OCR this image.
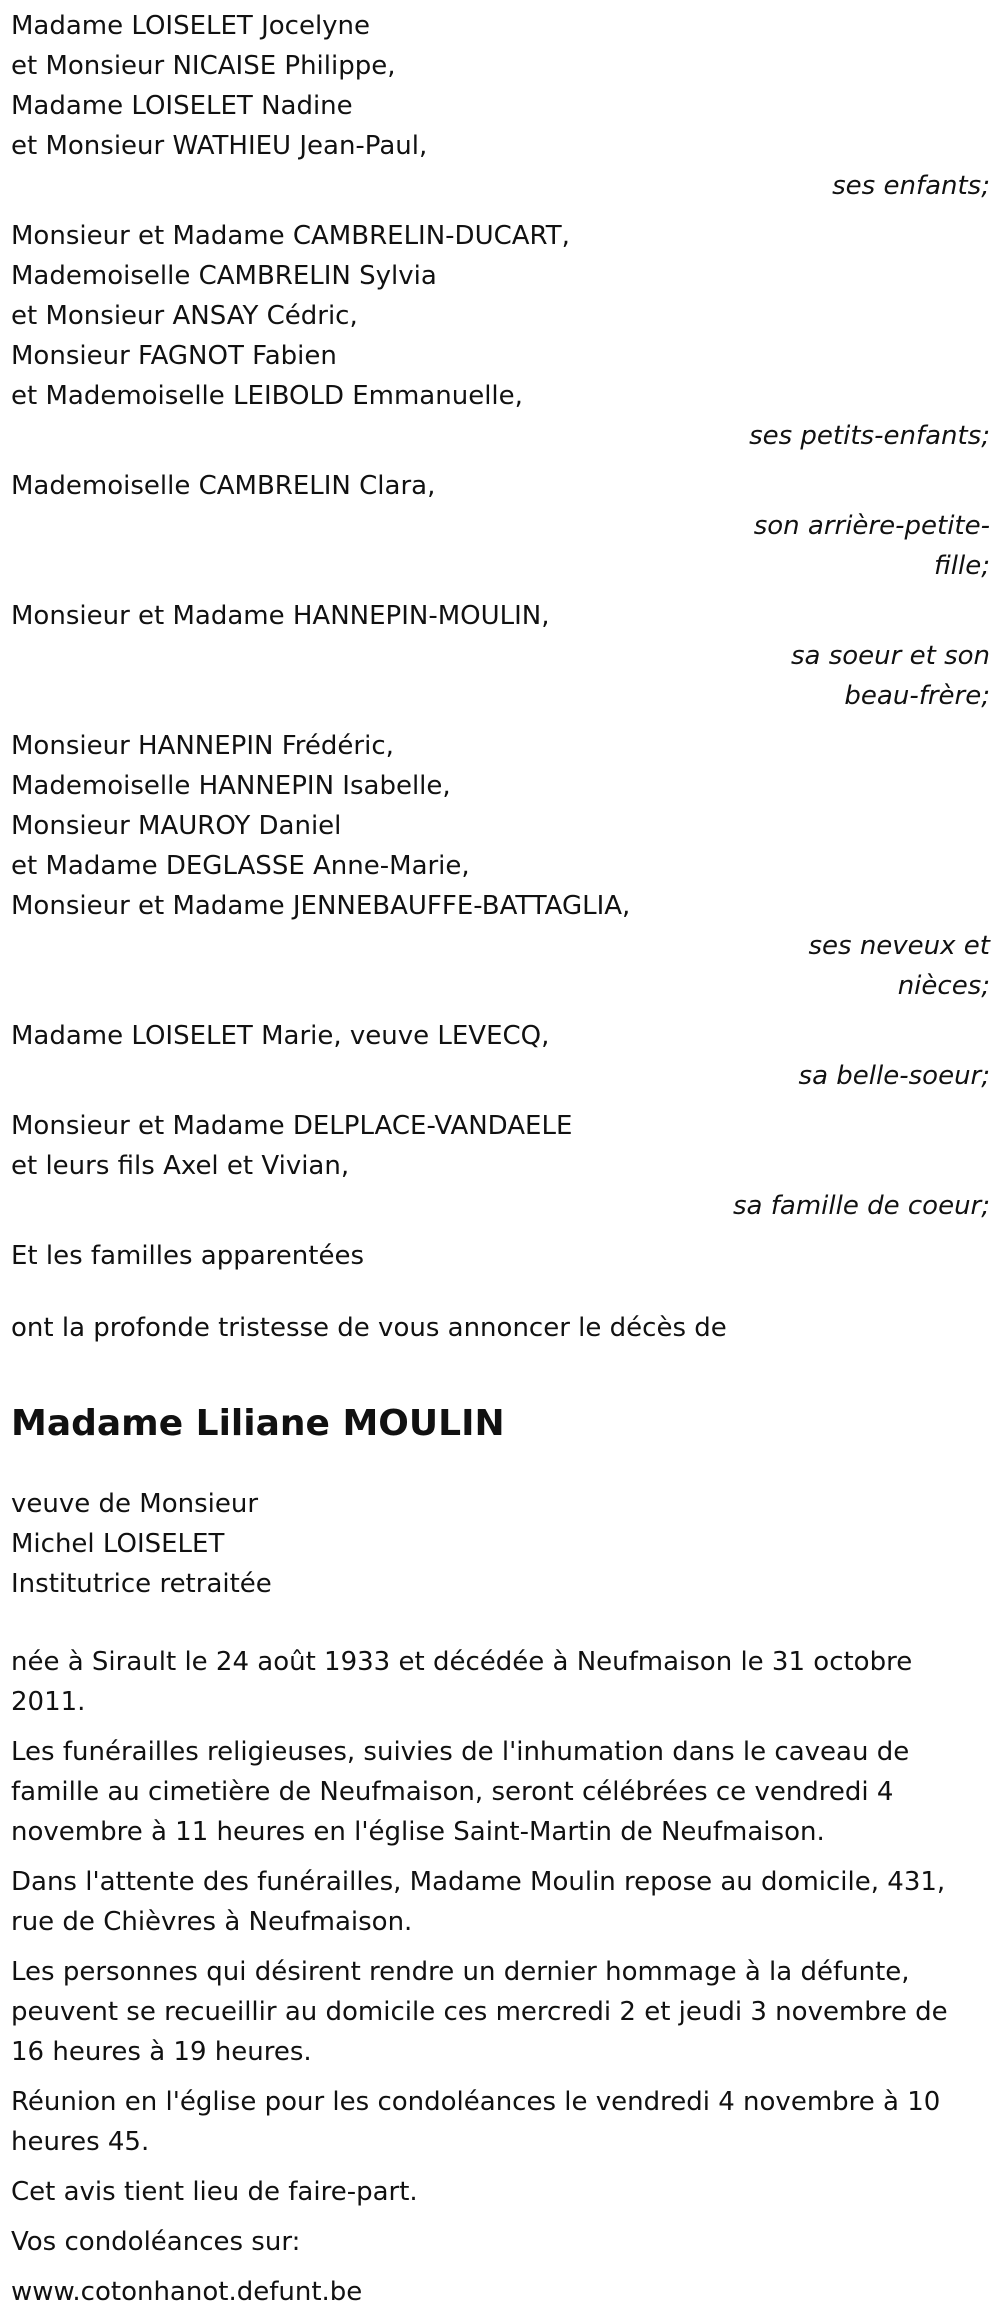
Madame LOISELET Jocelyne
et Monsieur NICAISE Philippe,
Madame LOISELET Nadine
et Monsieur WATHIEU Jean-Paul,
ses enfants;
Monsieur et Madame CAMBRELIN-DUCART,
Mademoiselle CAMBRELIN Sylvia
et Monsieur ANSAY Cédric,
Monsieur FAGNOT Fabien
et Mademoiselle LEIBOLD Emmanuelle,
ses petits-enfants;
Mademoiselle CAMBRELIN Clara,
son arrière-petite-fille;
Monsieur et Madame HANNEPIN-MOULIN,
sa soeur et son beau-frère;
Monsieur HANNEPIN Frédéric,
Mademoiselle HANNEPIN Isabelle,
Monsieur MAUROY Daniel
et Madame DEGLASSE Anne-Marie,
Monsieur et Madame JENNEBAUFFE-BATTAGLIA,
ses neveux et nièces;
Madame LOISELET Marie, veuve LEVECQ,
sa belle-soeur;
Monsieur et Madame DELPLACE-VANDAELE
et leurs fils Axel et Vivian,
sa famille de coeur;
Et les familles apparentées
ont la profonde tristesse de vous annoncer le décès de
Madame Liliane MOULIN
veuve de Monsieur
Michel LOISELET
Institutrice retraitée
née à Sirault le 24 août 1933 et décédée à Neufmaison le 31 octobre 2011.
Les funérailles religieuses, suivies de l'inhumation dans le caveau de famille au cimetière de Neufmaison, seront célébrées ce vendredi 4 novembre à 11 heures en l'église Saint-Martin de Neufmaison.
Dans l'attente des funérailles, Madame Moulin repose au domicile, 431, rue de Chièvres à Neufmaison.
Les personnes qui désirent rendre un dernier hommage à la défunte, peuvent se recueillir au domicile ces mercredi 2 et jeudi 3 novembre de 16 heures à 19 heures.
Réunion en l'église pour les condoléances le vendredi 4 novembre à 10 heures 45.
Cet avis tient lieu de faire-part.
Vos condoléances sur:
www.cotonhanot.defunt.be
